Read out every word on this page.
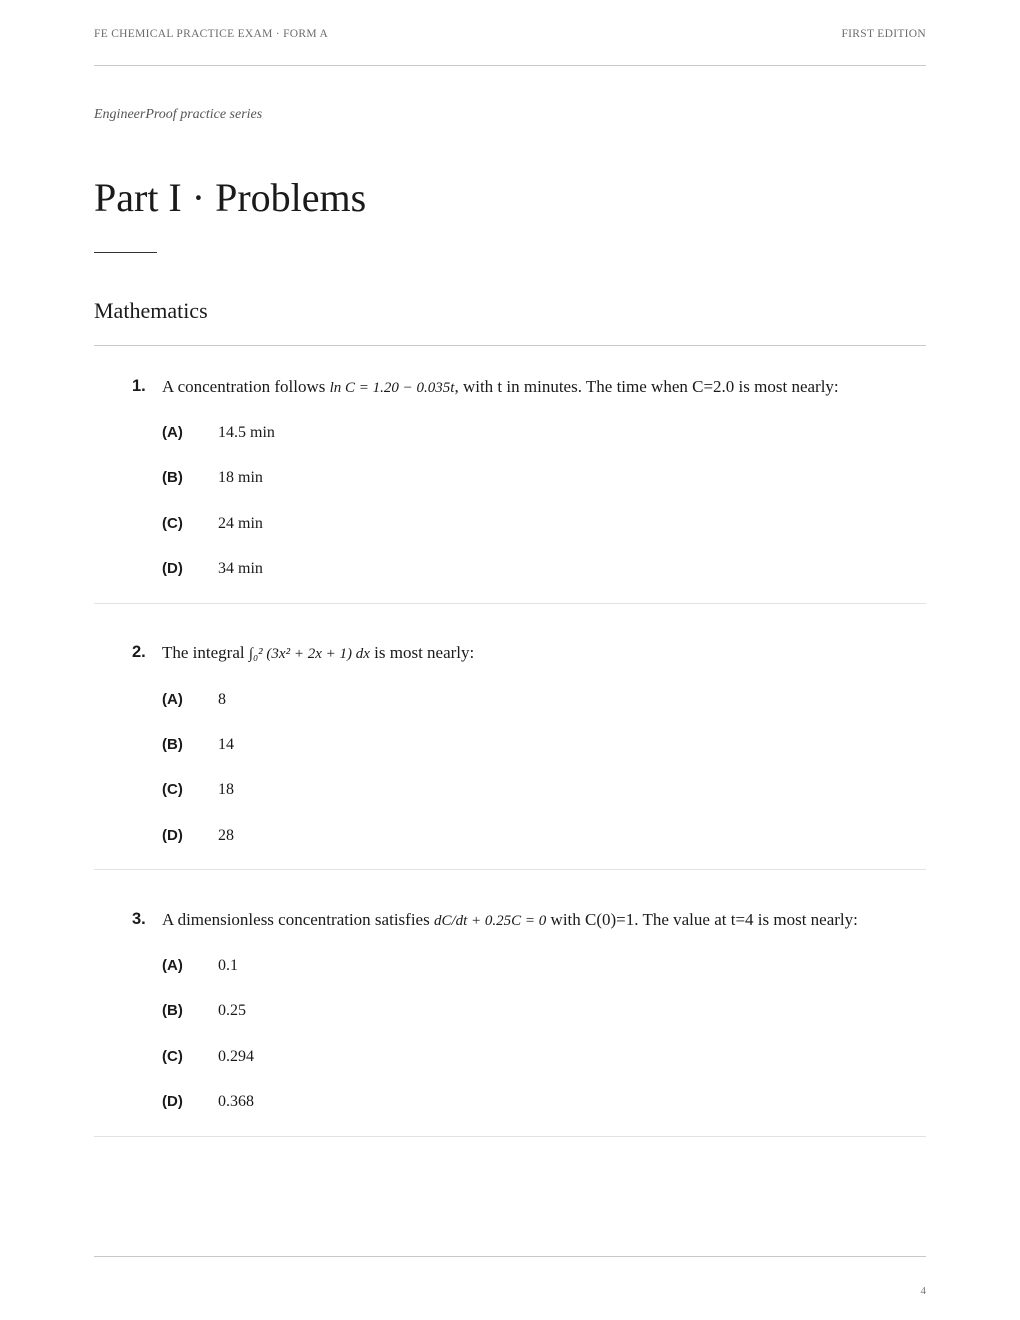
FE CHEMICAL PRACTICE EXAM · FORM A	FIRST EDITION
EngineerProof practice series
Part I · Problems
Mathematics
1. A concentration follows ln C = 1.20 − 0.035t, with t in minutes. The time when C=2.0 is most nearly:
(A) 14.5 min
(B) 18 min
(C) 24 min
(D) 34 min
2. The integral ∫₀² (3x² + 2x + 1) dx is most nearly:
(A) 8
(B) 14
(C) 18
(D) 28
3. A dimensionless concentration satisfies dC/dt + 0.25C = 0 with C(0)=1. The value at t=4 is most nearly:
(A) 0.1
(B) 0.25
(C) 0.294
(D) 0.368
4
